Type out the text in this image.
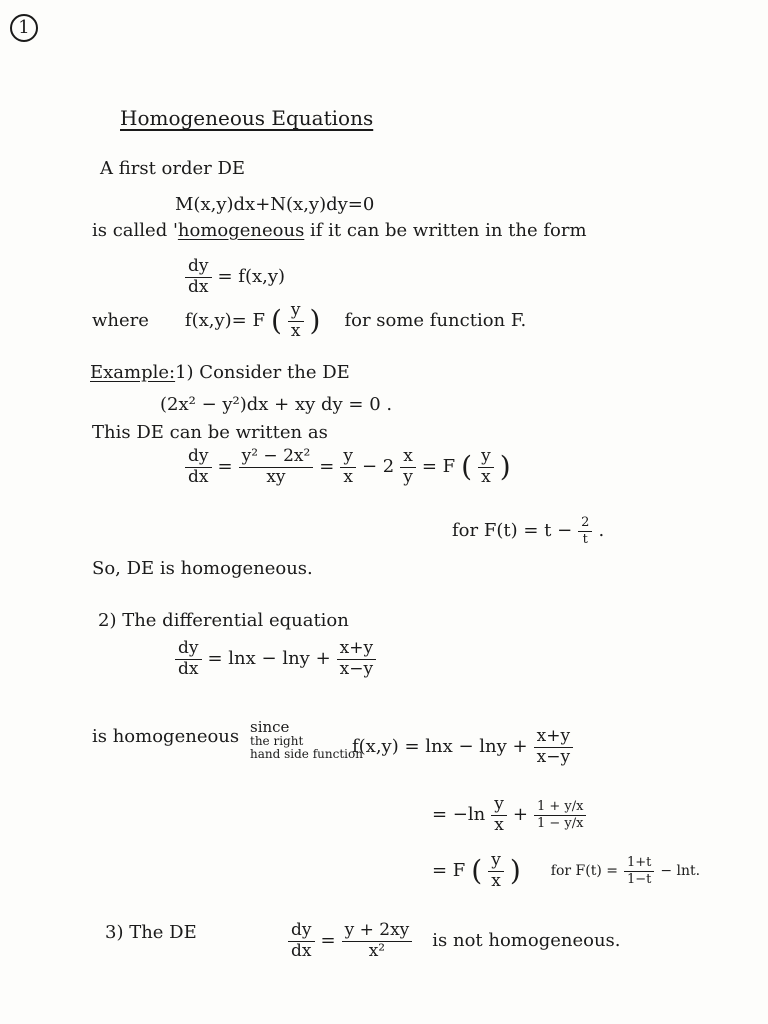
1
Homogeneous Equations
A first order DE
M(x,y)dx+N(x,y)dy=0
is called 'homogeneous if it can be written in the form
$\frac{dy}{dx} = f(x,y)$
where f(x,y)= F ( $\frac{y}{x}$ ) for some function F.
Example:1) Consider the DE
(2x² − y²)dx + xy dy = 0 .
This DE can be written as
$\frac{dy}{dx} = \frac{\text{y² − 2x²}}{xy} = \frac{y}{x} - 2 \frac{x}{y} = F$ ( $\frac{y}{x}$ )
for $F(t) = t - \frac{2}{t}$ .
So, DE is homogeneous.
2) The differential equation
$\frac{dy}{dx} = \ln x - \ln y + \frac{x+y}{x-y}$
is homogeneous since
the right
hand side function
$f(x,y) = \ln x - \ln y + \frac{x+y}{x-y}$
= $-\ln \frac{y}{x} + \frac{1 + y/x}{1 - y/x}$
= F ( $\frac{y}{x}$ ) for $F(t) = \frac{1+t}{1-t} - \ln t$.
3) The DE	$\frac{dy}{dx} = \frac{y + 2xy}{\text{x²}}$ is not homogeneous.
